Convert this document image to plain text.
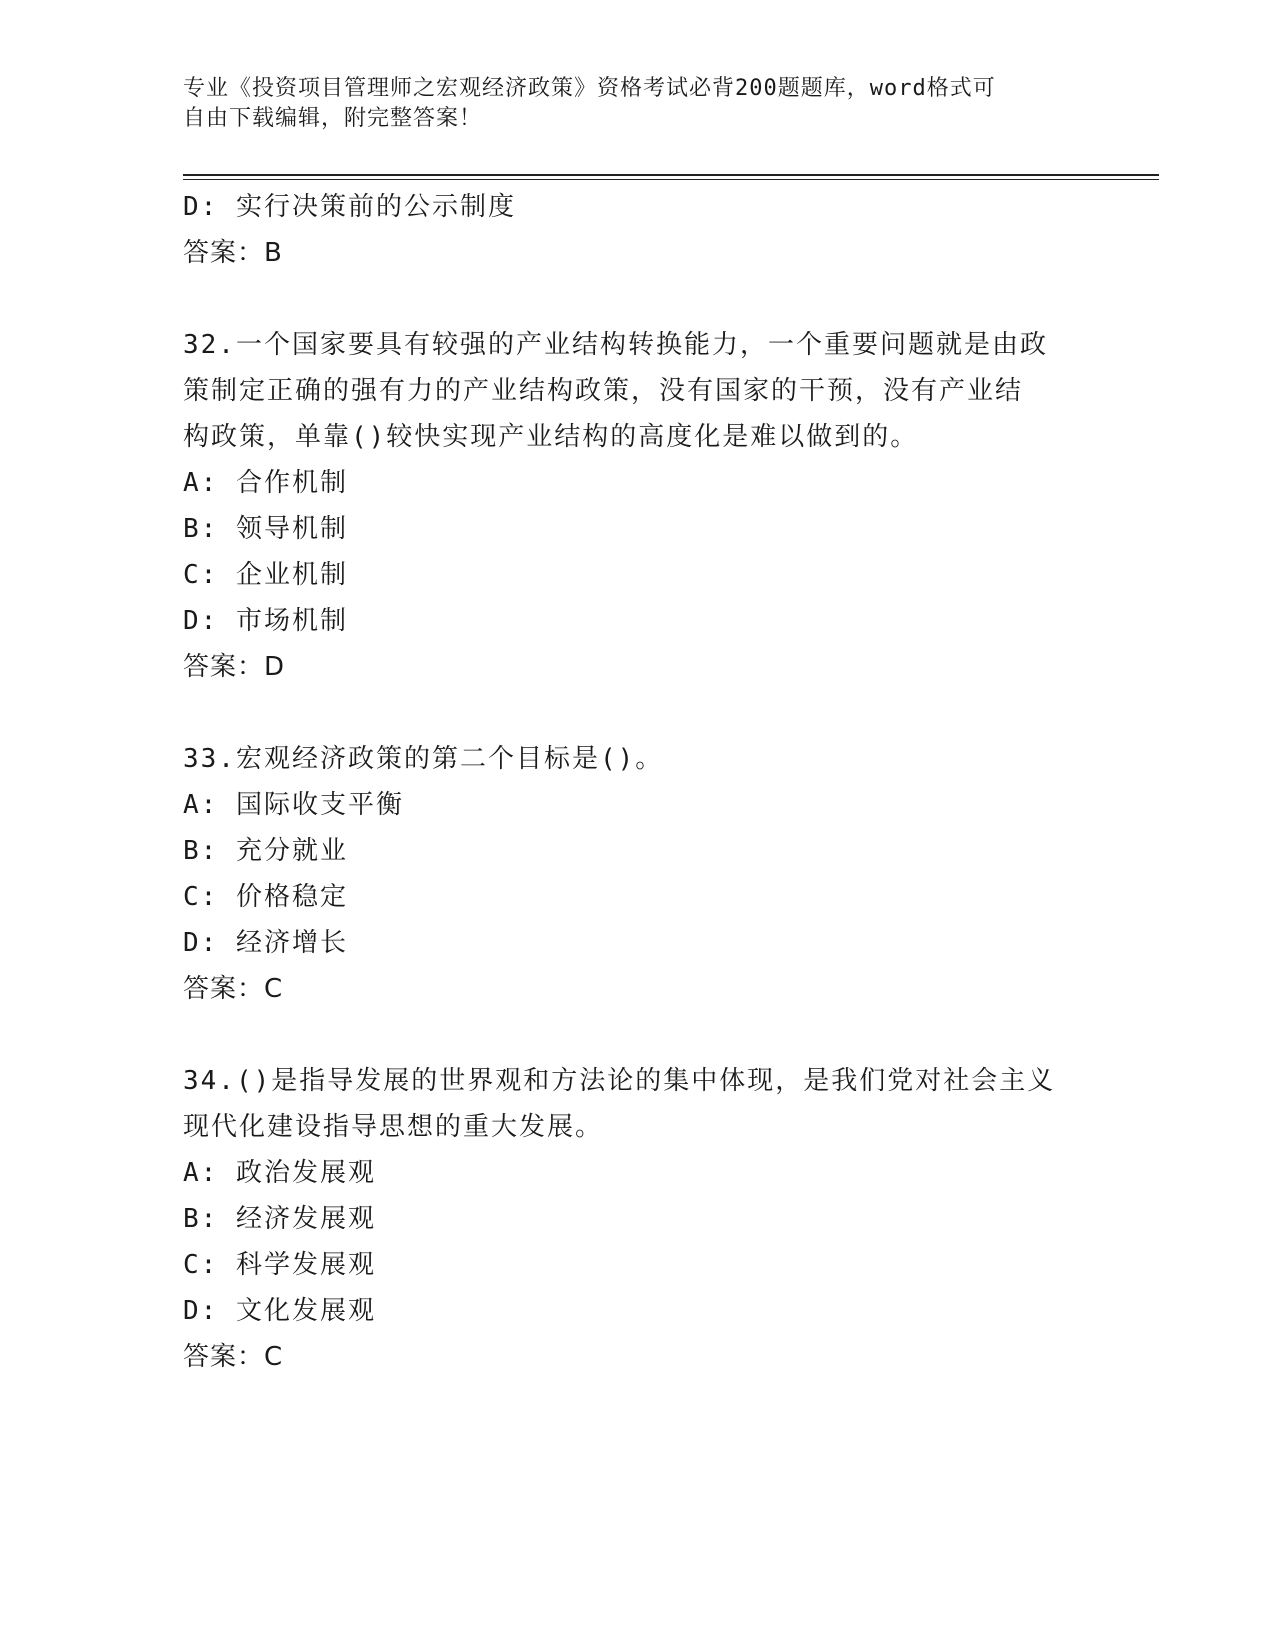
专业《投资项目管理师之宏观经济政策》资格考试必背200题题库，word格式可
自由下载编辑，附完整答案！
D: 实行决策前的公示制度
答案：B
32.一个国家要具有较强的产业结构转换能力，一个重要问题就是由政
策制定正确的强有力的产业结构政策，没有国家的干预，没有产业结
构政策，单靠()较快实现产业结构的高度化是难以做到的。
A: 合作机制
B: 领导机制
C: 企业机制
D: 市场机制
答案：D
33.宏观经济政策的第二个目标是()。
A: 国际收支平衡
B: 充分就业
C: 价格稳定
D: 经济增长
答案：C
34.()是指导发展的世界观和方法论的集中体现，是我们党对社会主义
现代化建设指导思想的重大发展。
A: 政治发展观
B: 经济发展观
C: 科学发展观
D: 文化发展观
答案：C
